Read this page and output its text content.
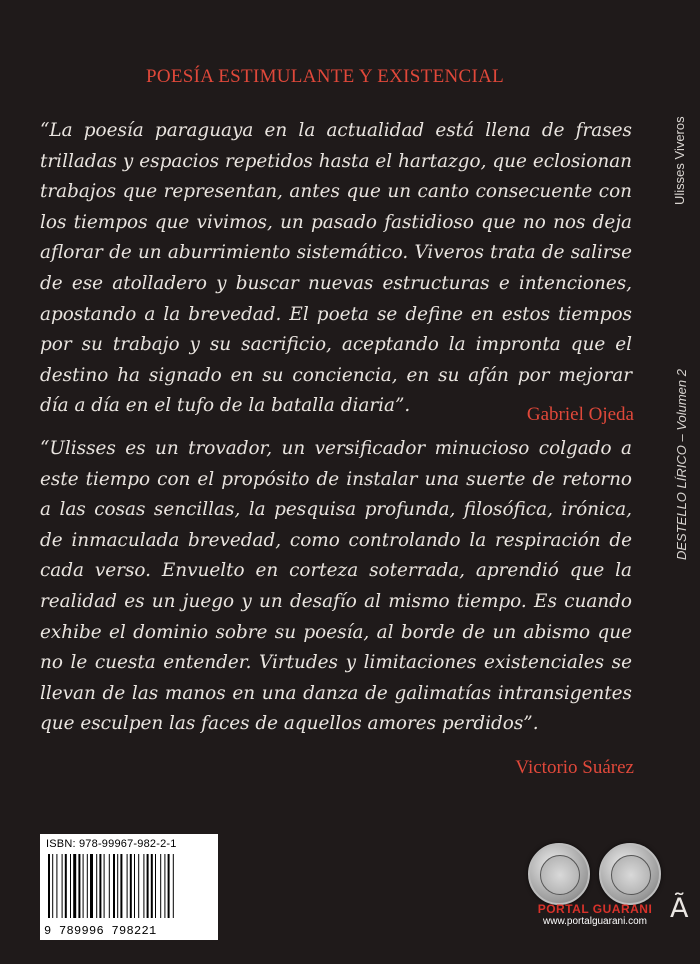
POESÍA ESTIMULANTE Y EXISTENCIAL

“La poesía paraguaya en la actualidad está llena de frases trilladas y espacios repetidos hasta el hartazgo, que eclosionan trabajos que representan, antes que un canto consecuente con los tiempos que vivimos, un pasado fastidioso que no nos deja aflorar de un aburrimiento sistemático. Viveros trata de salirse de ese atolladero y buscar nuevas estructuras e intenciones, apostando a la brevedad. El poeta se define en estos tiempos por su trabajo y su sacrificio, aceptando la impronta que el destino ha signado en su conciencia, en su afán por mejorar día a día en el tufo de la batalla diaria”.	Gabriel Ojeda

“Ulisses es un trovador, un versificador minucioso colgado a este tiempo con el propósito de instalar una suerte de retorno a las cosas sencillas, la pesquisa profunda, filosófica, irónica, de inmaculada brevedad, como controlando la respiración de cada verso. Envuelto en corteza soterrada, aprendió que la realidad es un juego y un desafío al mismo tiempo. Es cuando exhibe el dominio sobre su poesía, al borde de un abismo que no le cuesta entender. Virtudes y limitaciones existenciales se llevan de las manos en una danza de galimatías intransigentes que esculpen las faces de aquellos amores perdidos”.

Victorio Suárez
Ulisses Viveros
DESTELLO LÍRICO – Volumen 2
ISBN: 978-99967-982-2-1
9 789996 798221
PORTAL GUARANI
www.portalguarani.com Ã
